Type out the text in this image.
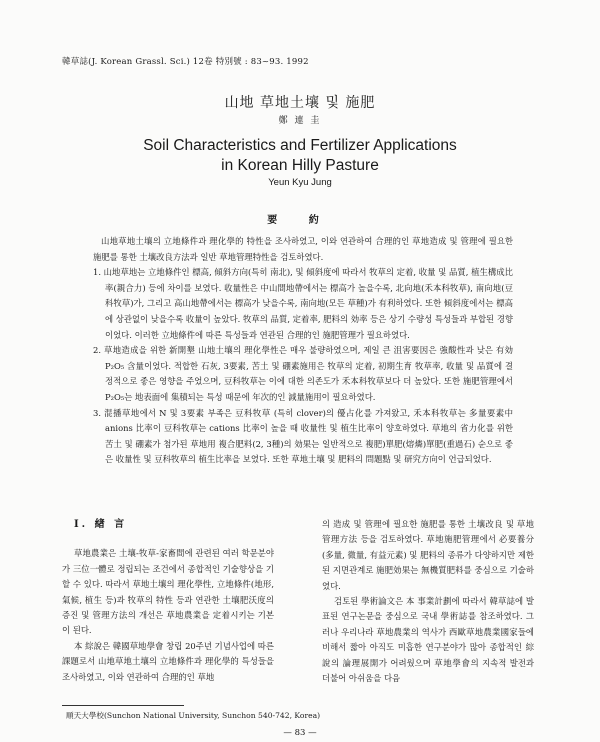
韓草誌(J. Korean Grassl. Sci.) 12卷 特別號 : 83~93. 1992
山地 草地土壤 및 施肥
鄭 連 圭
Soil Characteristics and Fertilizer Applications
in Korean Hilly Pasture
Yeun Kyu Jung
要 約

山地草地土壤의 立地條件과 理化學的 特性을 조사하였고, 이와 연관하여 合理的인 草地造成 및 管理에 필요한 施肥를 통한 土壤改良方法과 일반 草地管理特性을 검토하였다.

1. 山地草地는 立地條件인 標高, 傾斜方向(특히 南北), 및 傾斜度에 따라서 牧草의 定着, 收量 및 品質, 植生構成比率(親合力) 등에 차이를 보였다. 收量性은 中山間地帶에서는 標高가 높을수록, 北向地(禾本科牧草), 南向地(豆科牧草)가, 그리고 高山地帶에서는 標高가 낮을수록, 南向地(모든 草種)가 有利하였다. 또한 傾斜度에서는 標高에 상관없이 낮을수록 收量이 높았다. 牧草의 品質, 定着率, 肥料의 効率 등은 상기 수량성 특성들과 부합된 경향이었다. 이러한 立地條件에 따른 특성들과 연관된 合理的인 施肥管理가 필요하였다.
2. 草地造成을 위한 新開墾 山地土壤의 理化學性은 매우 불량하였으며, 제일 큰 沮害要因은 強酸性과 낮은 有効 P₂O₅ 含量이었다. 적합한 石灰, 3要素, 苦土 및 硼素施用은 牧草의 定着, 初期生育 牧草率, 收量 및 品質에 결정적으로 좋은 영향을 주었으며, 豆科牧草는 이에 대한 의존도가 禾本科牧草보다 더 높았다. 또한 施肥管理에서 P₂O₅는 地表面에 集積되는 특성 때문에 年次的인 減量施用이 필요하였다.
3. 混播草地에서 N 및 3要素 부족은 豆科牧草 (특히 clover)의 優占化를 가져왔고, 禾本科牧草는 多量要素中 anions 比率이 豆科牧草는 cations 比率이 높을 때 收量性 및 植生比率이 양호하였다. 草地의 省力化를 위한 苦土 및 硼素가 첨가된 草地用 複合肥料(2, 3種)의 効果는 일반적으로 複肥)單肥(熔燐)單肥(重過石) 순으로 좋은 收量性 및 豆科牧草의 植生比率을 보였다. 또한 草地土壤 및 肥料의 問題點 및 研究方向이 언급되었다.
I. 緖 言

草地農業은 土壤-牧草-家畜間에 관련된 여러 학문분야가 三位一體로 정립되는 조건에서 종합적인 기술향상을 기할 수 있다. 따라서 草地土壤의 理化學性, 立地條件(地形, 氣候, 植生 등)과 牧草의 特性 등과 연관한 土壤肥沃度의 증진 및 管理方法의 개선은 草地農業을 定着시키는 기본이 된다.

本 綜說은 韓國草地學會 창립 20주년 기념사업에 따른 課題로서 山地草地土壤의 立地條件과 理化學的 특성들을 조사하였고, 이와 연관하여 合理的인 草地

의 造成 및 管理에 필요한 施肥를 통한 土壤改良 및 草地管理方法 등을 검토하였다. 草地施肥管理에서 必要養分(多量, 微量, 有益元素) 및 肥料의 종류가 다양하지만 제한된 지면관계로 施肥効果는 無機質肥料를 중심으로 기술하였다.

검토된 學術論文은 本 事業計劃에 따라서 韓草誌에 발표된 연구논문을 중심으로 국내 學術誌를 참조하였다. 그러나 우리나라 草地農業의 역사가 西歐草地農業國家들에 비해서 짧아 아직도 미흡한 연구분야가 많아 종합적인 綜說의 論理展開가 어려웠으며 草地學會의 지속적 발전과 더불어 아쉬움을 다음

順天大學校(Sunchon National University, Sunchon 540-742, Korea)
— 83 —
